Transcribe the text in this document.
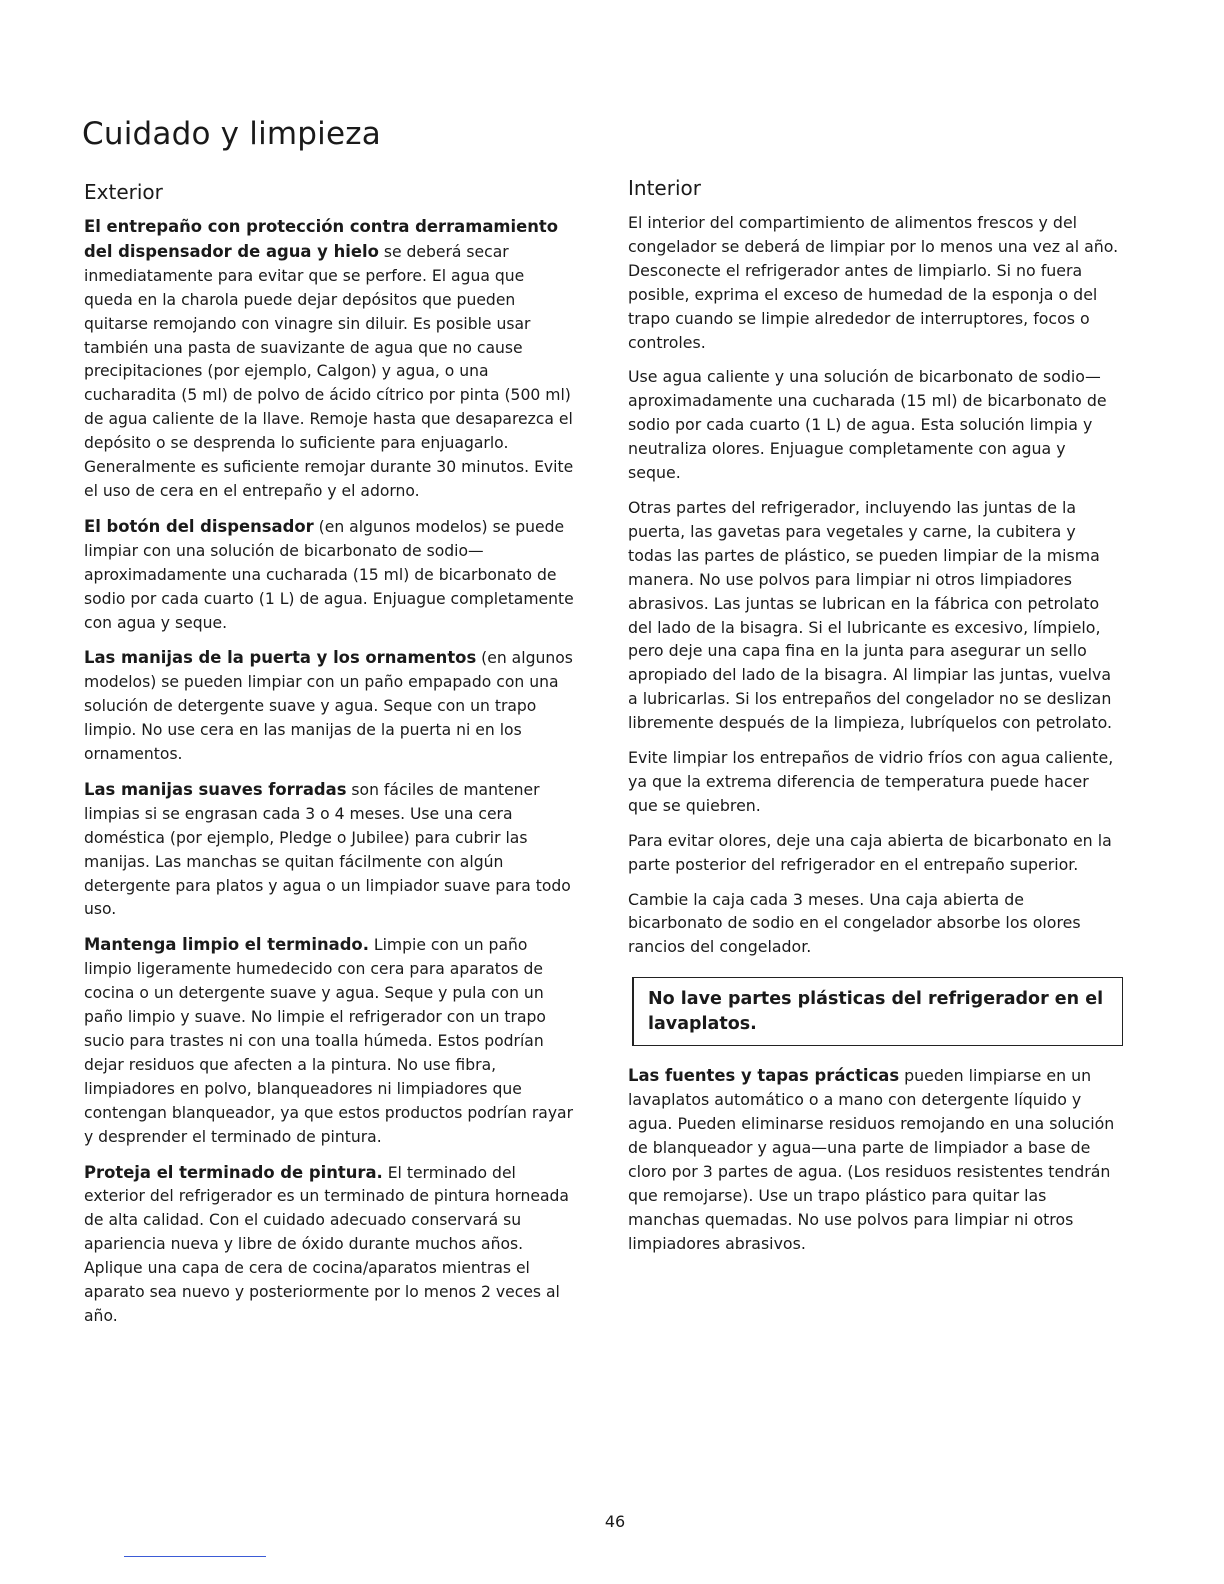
Cuidado y limpieza
Exterior

El entrepaño con protección contra derramamiento del dispensador de agua y hielo se deberá secar inmediatamente para evitar que se perfore. El agua que queda en la charola puede dejar depósitos que pueden quitarse remojando con vinagre sin diluir. Es posible usar también una pasta de suavizante de agua que no cause precipitaciones (por ejemplo, Calgon) y agua, o una cucharadita (5 ml) de polvo de ácido cítrico por pinta (500 ml) de agua caliente de la llave. Remoje hasta que desaparezca el depósito o se desprenda lo suficiente para enjuagarlo. Generalmente es suficiente remojar durante 30 minutos. Evite el uso de cera en el entrepaño y el adorno.

El botón del dispensador (en algunos modelos) se puede limpiar con una solución de bicarbonato de sodio—aproximadamente una cucharada (15 ml) de bicarbonato de sodio por cada cuarto (1 L) de agua. Enjuague completamente con agua y seque.

Las manijas de la puerta y los ornamentos (en algunos modelos) se pueden limpiar con un paño empapado con una solución de detergente suave y agua. Seque con un trapo limpio. No use cera en las manijas de la puerta ni en los ornamentos.

Las manijas suaves forradas son fáciles de mantener limpias si se engrasan cada 3 o 4 meses. Use una cera doméstica (por ejemplo, Pledge o Jubilee) para cubrir las manijas. Las manchas se quitan fácilmente con algún detergente para platos y agua o un limpiador suave para todo uso.

Mantenga limpio el terminado. Limpie con un paño limpio ligeramente humedecido con cera para aparatos de cocina o un detergente suave y agua. Seque y pula con un paño limpio y suave. No limpie el refrigerador con un trapo sucio para trastes ni con una toalla húmeda. Estos podrían dejar residuos que afecten a la pintura. No use fibra, limpiadores en polvo, blanqueadores ni limpiadores que contengan blanqueador, ya que estos productos podrían rayar y desprender el terminado de pintura.

Proteja el terminado de pintura. El terminado del exterior del refrigerador es un terminado de pintura horneada de alta calidad. Con el cuidado adecuado conservará su apariencia nueva y libre de óxido durante muchos años. Aplique una capa de cera de cocina/aparatos mientras el aparato sea nuevo y posteriormente por lo menos 2 veces al año.

Interior

El interior del compartimiento de alimentos frescos y del congelador se deberá de limpiar por lo menos una vez al año. Desconecte el refrigerador antes de limpiarlo. Si no fuera posible, exprima el exceso de humedad de la esponja o del trapo cuando se limpie alrededor de interruptores, focos o controles.

Use agua caliente y una solución de bicarbonato de sodio—aproximadamente una cucharada (15 ml) de bicarbonato de sodio por cada cuarto (1 L) de agua. Esta solución limpia y neutraliza olores. Enjuague completamente con agua y seque.

Otras partes del refrigerador, incluyendo las juntas de la puerta, las gavetas para vegetales y carne, la cubitera y todas las partes de plástico, se pueden limpiar de la misma manera. No use polvos para limpiar ni otros limpiadores abrasivos. Las juntas se lubrican en la fábrica con petrolato del lado de la bisagra. Si el lubricante es excesivo, límpielo, pero deje una capa fina en la junta para asegurar un sello apropiado del lado de la bisagra. Al limpiar las juntas, vuelva a lubricarlas. Si los entrepaños del congelador no se deslizan libremente después de la limpieza, lubríquelos con petrolato.

Evite limpiar los entrepaños de vidrio fríos con agua caliente, ya que la extrema diferencia de temperatura puede hacer que se quiebren.

Para evitar olores, deje una caja abierta de bicarbonato en la parte posterior del refrigerador en el entrepaño superior.

Cambie la caja cada 3 meses. Una caja abierta de bicarbonato de sodio en el congelador absorbe los olores rancios del congelador.

No lave partes plásticas del refrigerador en el lavaplatos.

Las fuentes y tapas prácticas pueden limpiarse en un lavaplatos automático o a mano con detergente líquido y agua. Pueden eliminarse residuos remojando en una solución de blanqueador y agua—una parte de limpiador a base de cloro por 3 partes de agua. (Los residuos resistentes tendrán que remojarse). Use un trapo plástico para quitar las manchas quemadas. No use polvos para limpiar ni otros limpiadores abrasivos.

46
